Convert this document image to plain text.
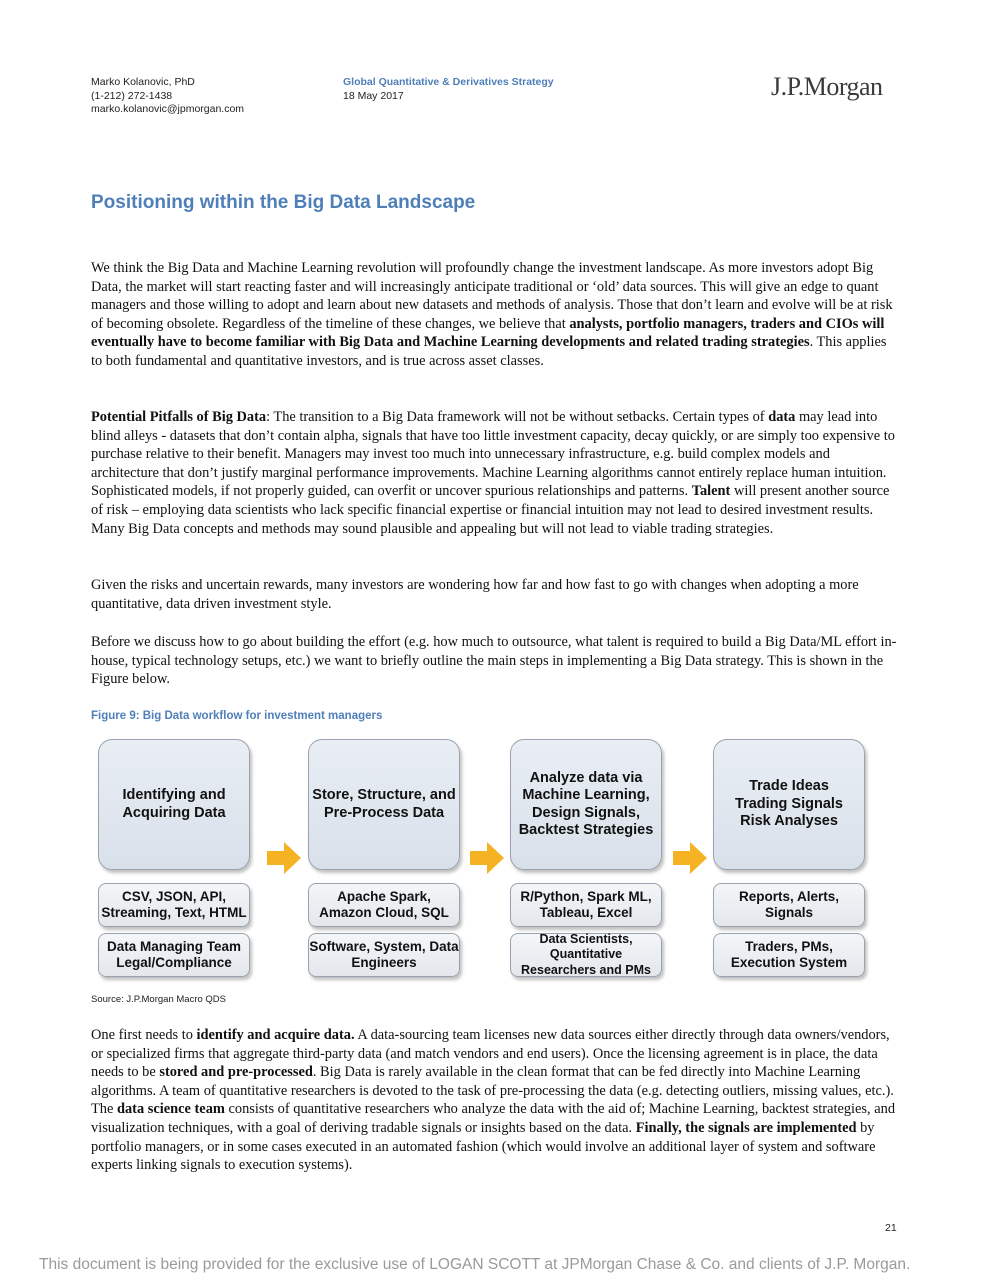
Marko Kolanovic, PhD
(1-212) 272-1438
marko.kolanovic@jpmorgan.com
Global Quantitative & Derivatives Strategy
18 May 2017	J.P.Morgan
Positioning within the Big Data Landscape

We think the Big Data and Machine Learning revolution will profoundly change the investment landscape. As more investors adopt Big Data, the market will start reacting faster and will increasingly anticipate traditional or ‘old’ data sources. This will give an edge to quant managers and those willing to adopt and learn about new datasets and methods of analysis. Those that don’t learn and evolve will be at risk of becoming obsolete. Regardless of the timeline of these changes, we believe that analysts, portfolio managers, traders and CIOs will eventually have to become familiar with Big Data and Machine Learning developments and related trading strategies. This applies to both fundamental and quantitative investors, and is true across asset classes.

Potential Pitfalls of Big Data: The transition to a Big Data framework will not be without setbacks. Certain types of data may lead into blind alleys - datasets that don’t contain alpha, signals that have too little investment capacity, decay quickly, or are simply too expensive to purchase relative to their benefit. Managers may invest too much into unnecessary infrastructure, e.g. build complex models and architecture that don’t justify marginal performance improvements. Machine Learning algorithms cannot entirely replace human intuition. Sophisticated models, if not properly guided, can overfit or uncover spurious relationships and patterns. Talent will present another source of risk – employing data scientists who lack specific financial expertise or financial intuition may not lead to desired investment results. Many Big Data concepts and methods may sound plausible and appealing but will not lead to viable trading strategies.

Given the risks and uncertain rewards, many investors are wondering how far and how fast to go with changes when adopting a more quantitative, data driven investment style.

Before we discuss how to go about building the effort (e.g. how much to outsource, what talent is required to build a Big Data/ML effort in-house, typical technology setups, etc.) we want to briefly outline the main steps in implementing a Big Data strategy. This is shown in the Figure below.

Figure 9: Big Data workflow for investment managers
Identifying and
Acquiring Data
Store, Structure, and
Pre-Process Data
Analyze data via
Machine Learning,
Design Signals,
Backtest Strategies
Trade Ideas
Trading Signals
Risk Analyses
CSV, JSON, API,
Streaming, Text, HTML
Apache Spark,
Amazon Cloud, SQL
R/Python, Spark ML,
Tableau, Excel
Reports, Alerts,
Signals
Data Managing Team
Legal/Compliance
Software, System, Data
Engineers
Data Scientists,
Quantitative
Researchers and PMs
Traders, PMs,
Execution System
Source: J.P.Morgan Macro QDS

One first needs to identify and acquire data. A data-sourcing team licenses new data sources either directly through data owners/vendors, or specialized firms that aggregate third-party data (and match vendors and end users). Once the licensing agreement is in place, the data needs to be stored and pre-processed. Big Data is rarely available in the clean format that can be fed directly into Machine Learning algorithms. A team of quantitative researchers is devoted to the task of pre-processing the data (e.g. detecting outliers, missing values, etc.). The data science team consists of quantitative researchers who analyze the data with the aid of; Machine Learning, backtest strategies, and visualization techniques, with a goal of deriving tradable signals or insights based on the data. Finally, the signals are implemented by portfolio managers, or in some cases executed in an automated fashion (which would involve an additional layer of system and software experts linking signals to execution systems).

21
This document is being provided for the exclusive use of LOGAN SCOTT at JPMorgan Chase & Co. and clients of J.P. Morgan.
